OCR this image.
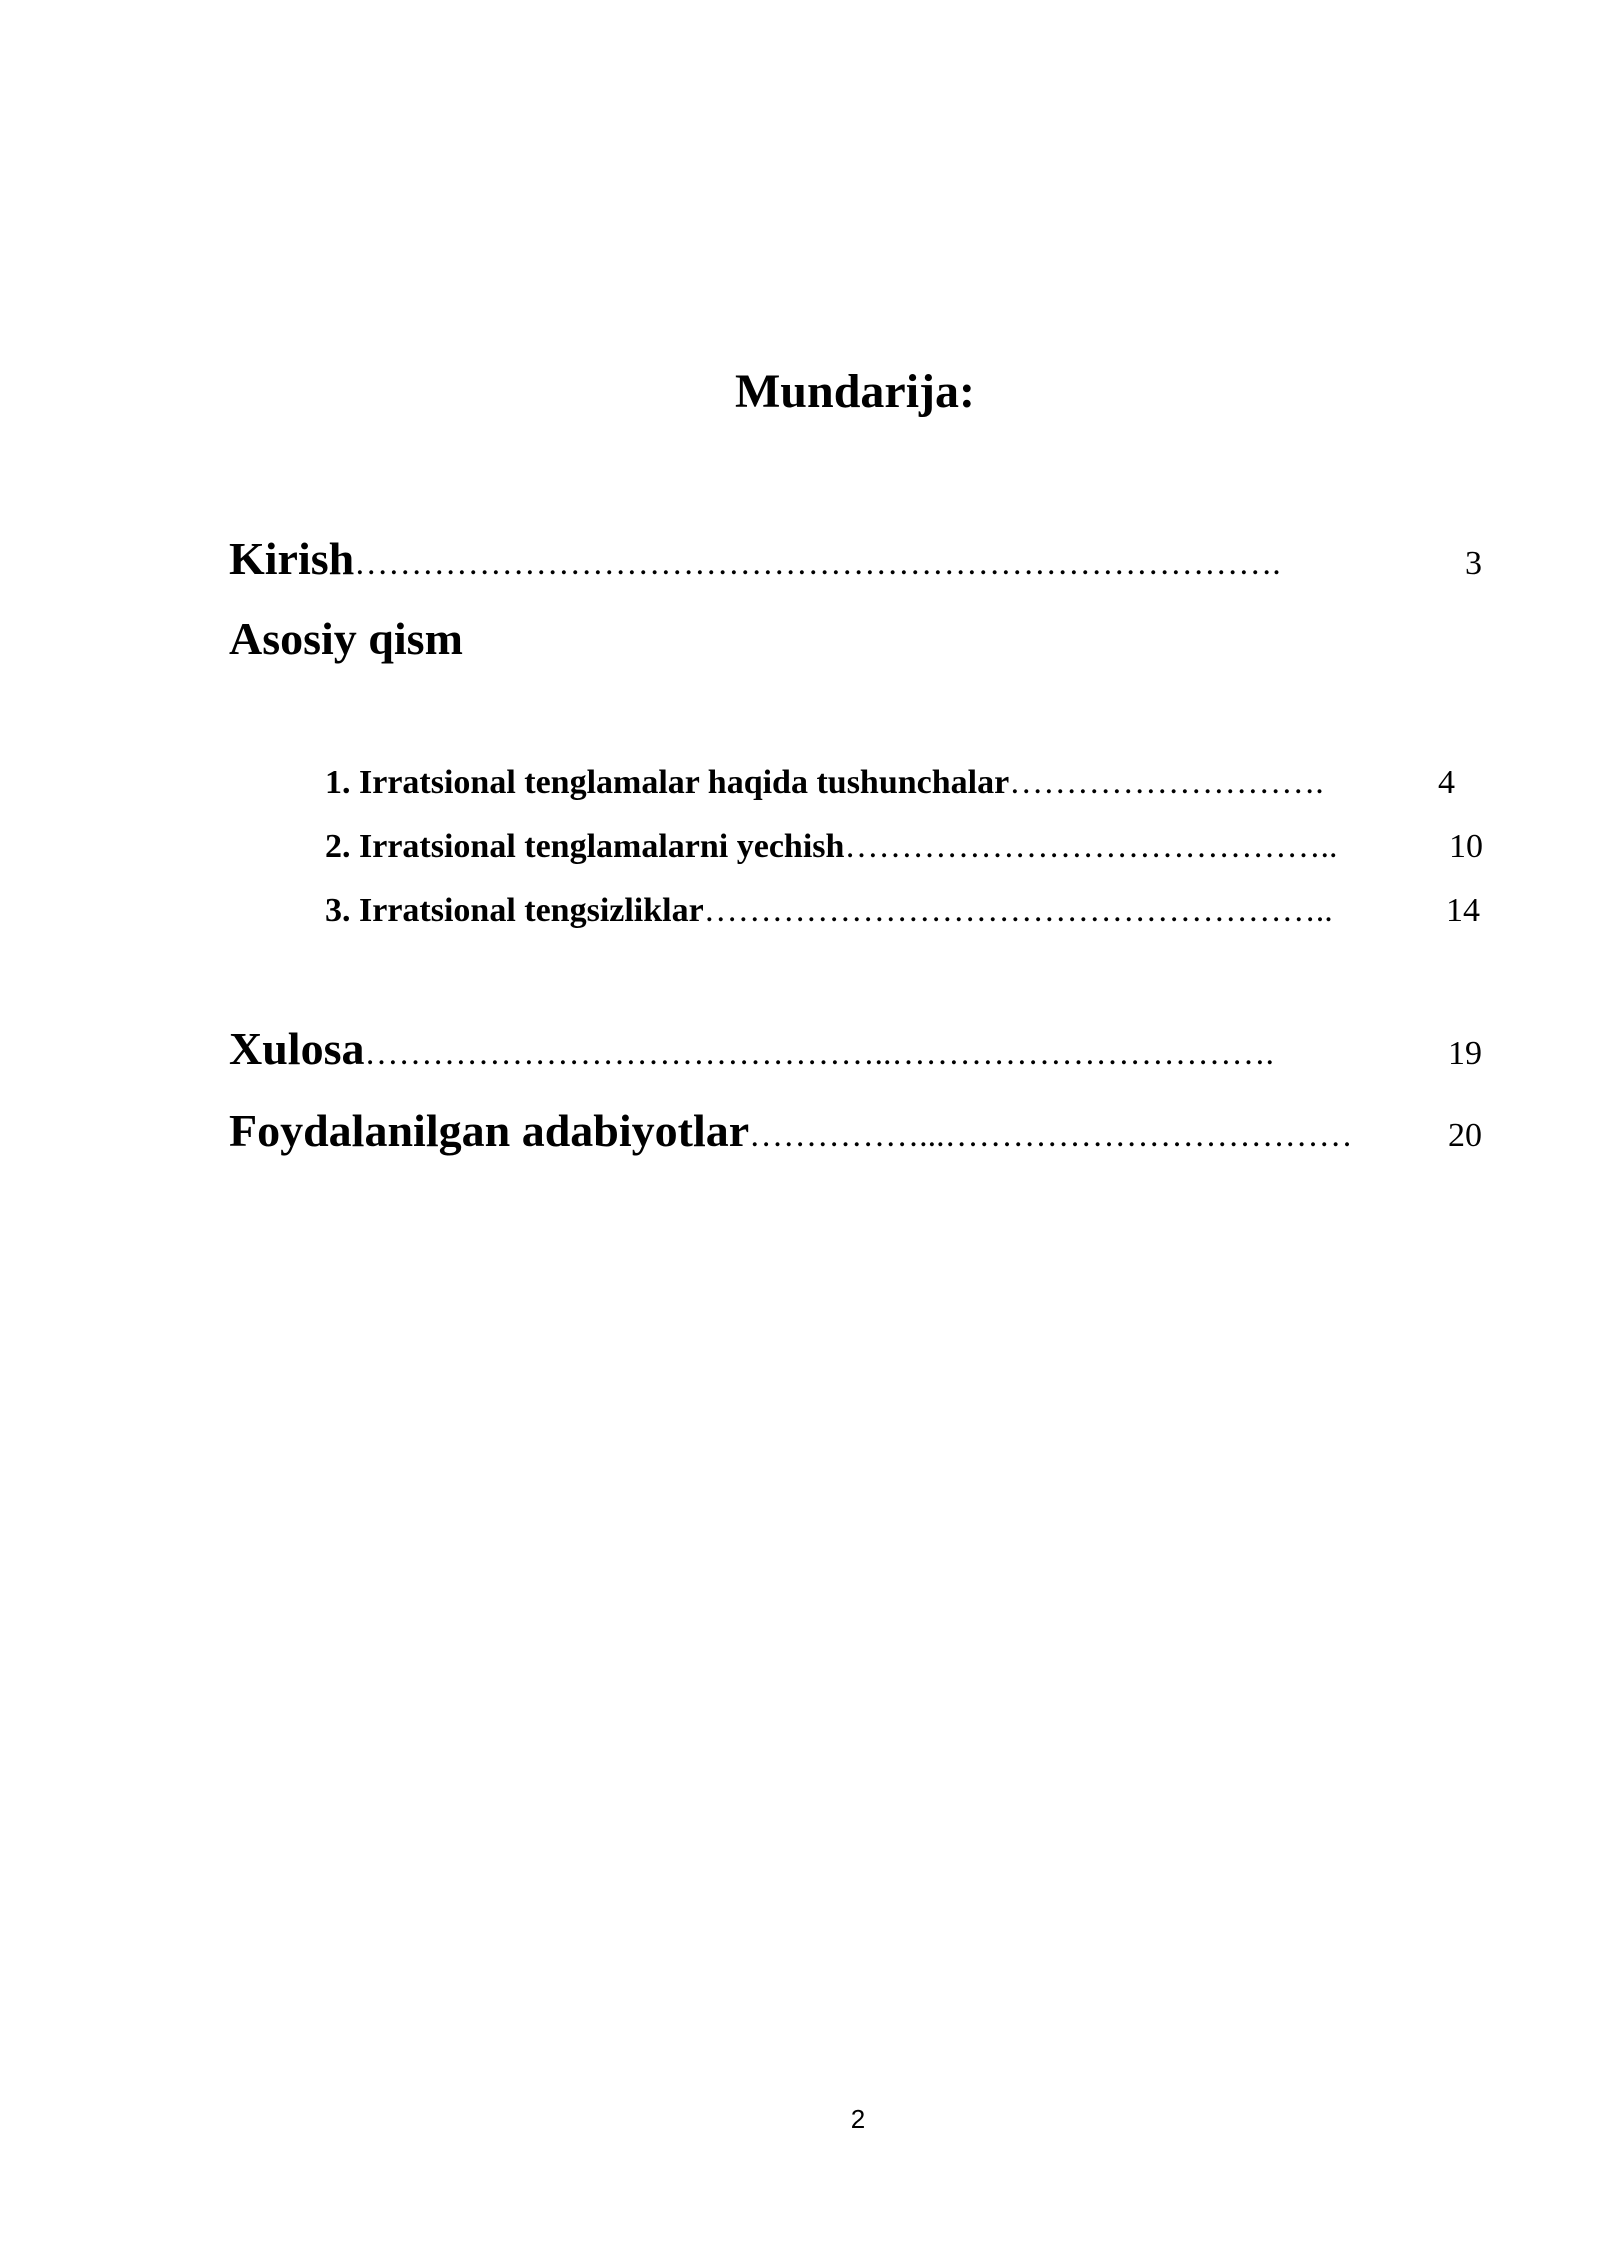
Mundarija:
Kirish ……………………………………………………………………….	3
Asosiy qism
1. Irratsional tenglamalar haqida tushunchalar ……………………….	4
2. Irratsional tenglamalarni yechish ……………………………………..	10
3. Irratsional tengsizliklar ………………………………………………..	14
Xulosa ………………………………………..…………………………….	19
Foydalanilgan adabiyotlar ……………...………………………………	20
2
